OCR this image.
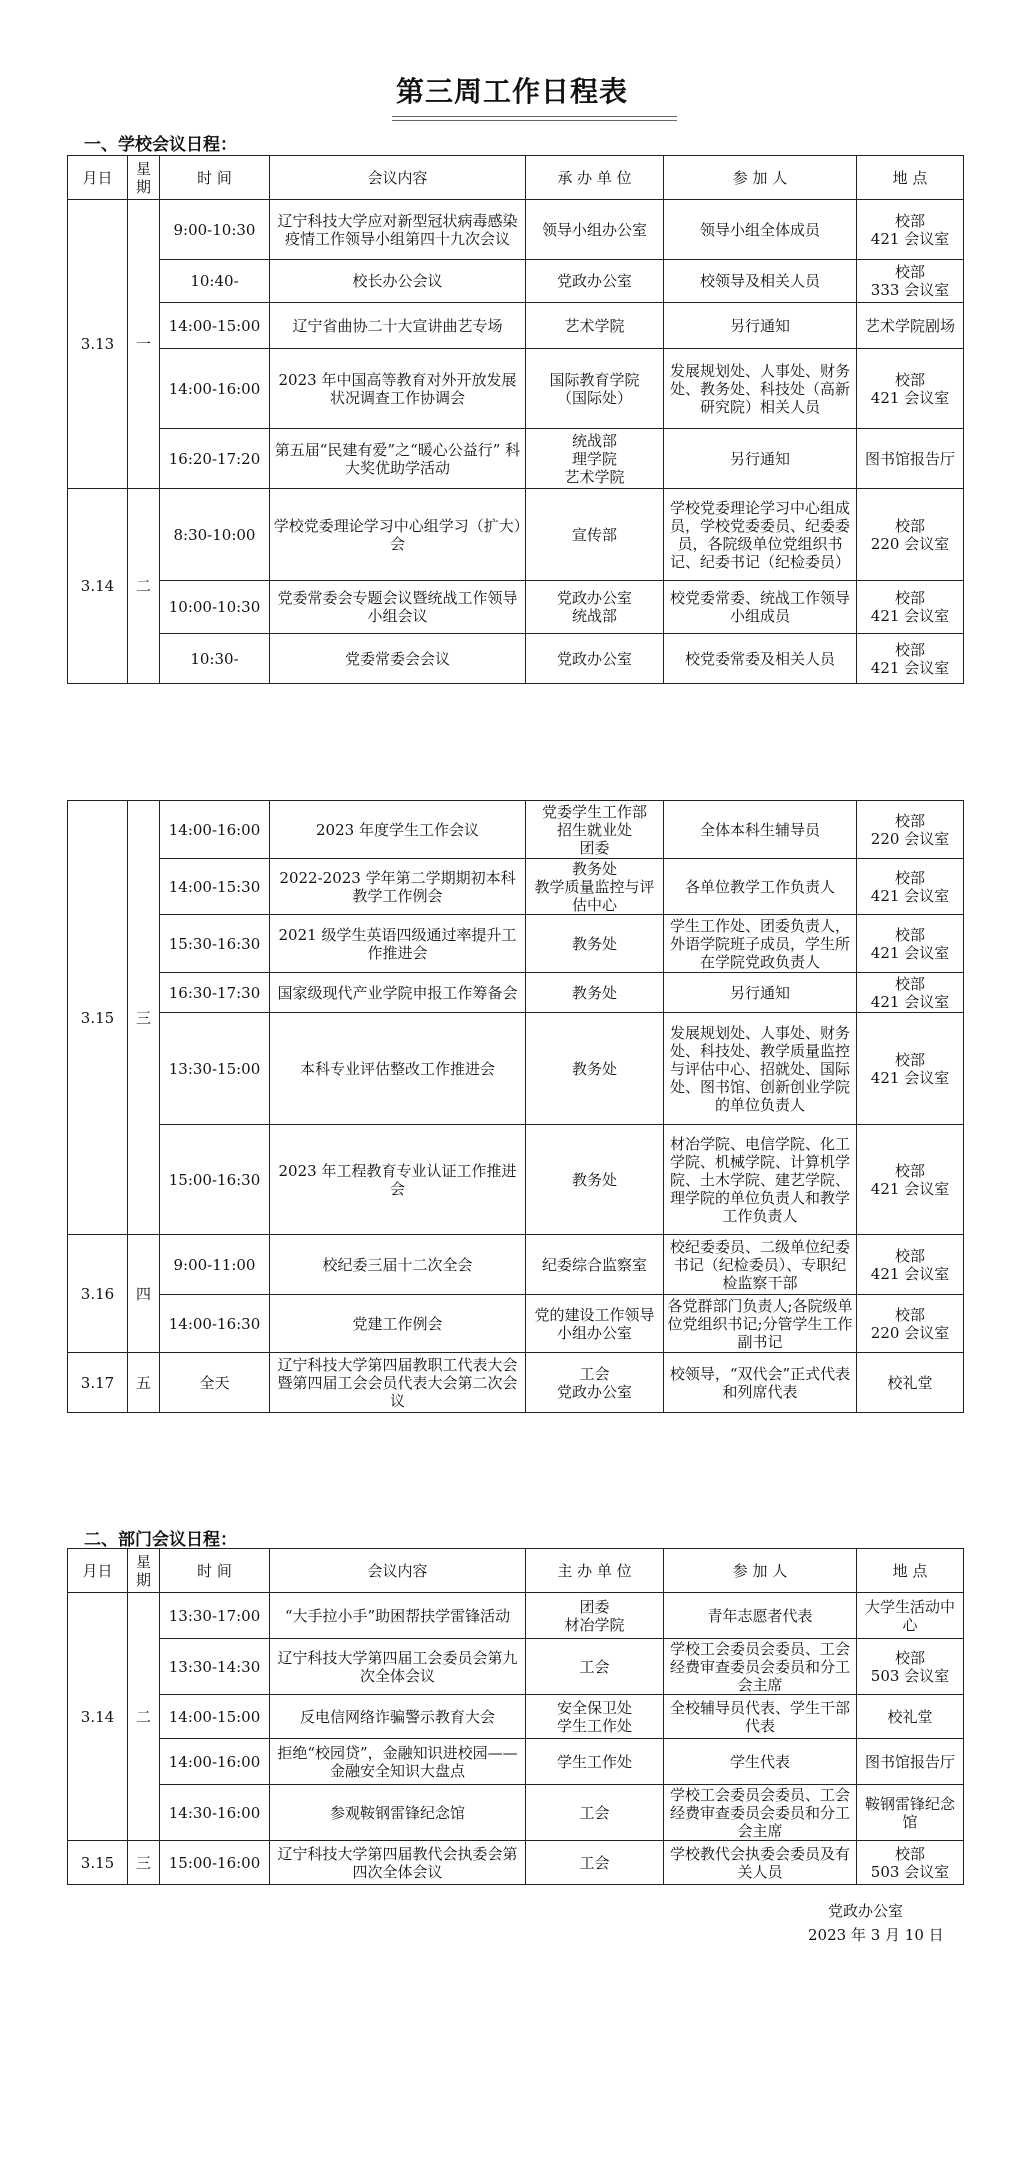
第三周工作日程表
一、学校会议日程：
月日	星 期	时 间	会议内容	承 办 单 位	参 加 人	地 点
3.13	一	9:00-10:30	辽宁科技大学应对新型冠状病毒感染疫情工作领导小组第四十九次会议	领导小组办公室	领导小组全体成员	校部
421 会议室
		10:40-	校长办公会议	党政办公室	校领导及相关人员	校部
333 会议室
		14:00-15:00	辽宁省曲协二十大宣讲曲艺专场	艺术学院	另行通知	艺术学院剧场
		14:00-16:00	2023 年中国高等教育对外开放发展状况调查工作协调会	国际教育学院
（国际处）	发展规划处、人事处、财务处、教务处、科技处（高新研究院）相关人员	校部
421 会议室
		16:20-17:20	第五届“民建有爱”之“暖心公益行” 科大奖优助学活动	统战部
理学院
艺术学院	另行通知	图书馆报告厅
3.14	二	8:30-10:00	学校党委理论学习中心组学习（扩大）会	宣传部	学校党委理论学习中心组成员，学校党委委员、纪委委员，各院级单位党组织书记、纪委书记（纪检委员）	校部
220 会议室
		10:00-10:30	党委常委会专题会议暨统战工作领导小组会议	党政办公室
统战部	校党委常委、统战工作领导小组成员	校部
421 会议室
		10:30-	党委常委会会议	党政办公室	校党委常委及相关人员	校部
421 会议室
3.15	三	14:00-16:00	2023 年度学生工作会议	党委学生工作部
招生就业处
团委	全体本科生辅导员	校部
220 会议室
		14:00-15:30	2022-2023 学年第二学期期初本科教学工作例会	教务处
教学质量监控与评估中心	各单位教学工作负责人	校部
421 会议室
		15:30-16:30	2021 级学生英语四级通过率提升工作推进会	教务处	学生工作处、团委负责人，外语学院班子成员，学生所在学院党政负责人	校部
421 会议室
		16:30-17:30	国家级现代产业学院申报工作筹备会	教务处	另行通知	校部
421 会议室
		13:30-15:00	本科专业评估整改工作推进会	教务处	发展规划处、人事处、财务处、科技处、教学质量监控与评估中心、招就处、国际处、图书馆、创新创业学院的单位负责人	校部
421 会议室
		15:00-16:30	2023 年工程教育专业认证工作推进会	教务处	材冶学院、电信学院、化工学院、机械学院、计算机学院、土木学院、建艺学院、理学院的单位负责人和教学工作负责人	校部
421 会议室
3.16	四	9:00-11:00	校纪委三届十二次全会	纪委综合监察室	校纪委委员、二级单位纪委书记（纪检委员）、专职纪检监察干部	校部
421 会议室
		14:00-16:30	党建工作例会	党的建设工作领导小组办公室	各党群部门负责人;各院级单位党组织书记;分管学生工作副书记	校部
220 会议室
3.17	五	全天	辽宁科技大学第四届教职工代表大会暨第四届工会会员代表大会第二次会议	工会
党政办公室	校领导，“双代会”正式代表和列席代表	校礼堂
二、部门会议日程：
月日	星 期	时 间	会议内容	主 办 单 位	参 加 人	地 点
3.14	二	13:30-17:00	“大手拉小手”助困帮扶学雷锋活动	团委
材冶学院	青年志愿者代表	大学生活动中心
		13:30-14:30	辽宁科技大学第四届工会委员会第九次全体会议	工会	学校工会委员会委员、工会经费审查委员会委员和分工会主席	校部
503 会议室
		14:00-15:00	反电信网络诈骗警示教育大会	安全保卫处
学生工作处	全校辅导员代表、学生干部代表	校礼堂
		14:00-16:00	拒绝“校园贷”，金融知识进校园——金融安全知识大盘点	学生工作处	学生代表	图书馆报告厅
		14:30-16:00	参观鞍钢雷锋纪念馆	工会	学校工会委员会委员、工会经费审查委员会委员和分工会主席	鞍钢雷锋纪念馆
3.15	三	15:00-16:00	辽宁科技大学第四届教代会执委会第四次全体会议	工会	学校教代会执委会委员及有关人员	校部
503 会议室
党政办公室
2023 年 3 月 10 日
